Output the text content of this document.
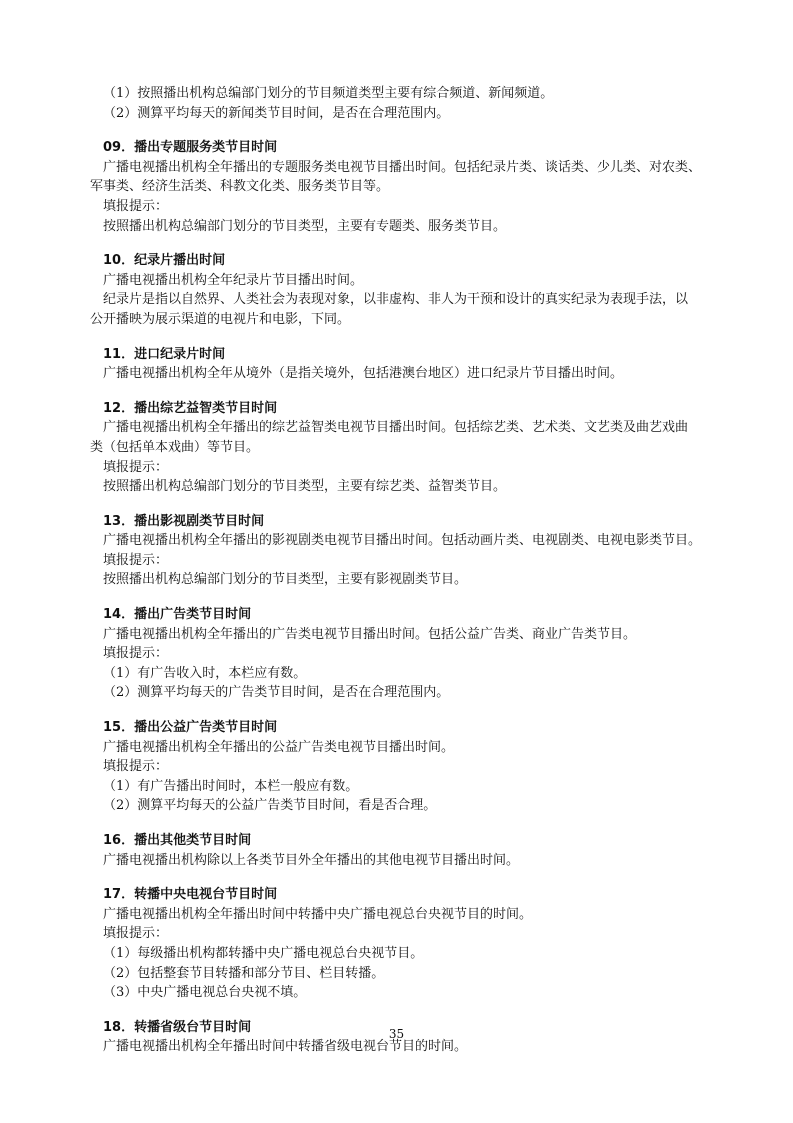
（1）按照播出机构总编部门划分的节目频道类型主要有综合频道、新闻频道。
（2）测算平均每天的新闻类节目时间，是否在合理范围内。
09．播出专题服务类节目时间
广播电视播出机构全年播出的专题服务类电视节目播出时间。包括纪录片类、谈话类、少儿类、对农类、
军事类、经济生活类、科教文化类、服务类节目等。
填报提示：
按照播出机构总编部门划分的节目类型，主要有专题类、服务类节目。
10．纪录片播出时间
广播电视播出机构全年纪录片节目播出时间。
纪录片是指以自然界、人类社会为表现对象，以非虚构、非人为干预和设计的真实纪录为表现手法，以
公开播映为展示渠道的电视片和电影，下同。
11．进口纪录片时间
广播电视播出机构全年从境外（是指关境外，包括港澳台地区）进口纪录片节目播出时间。
12．播出综艺益智类节目时间
广播电视播出机构全年播出的综艺益智类电视节目播出时间。包括综艺类、艺术类、文艺类及曲艺戏曲
类（包括单本戏曲）等节目。
填报提示：
按照播出机构总编部门划分的节目类型，主要有综艺类、益智类节目。
13．播出影视剧类节目时间
广播电视播出机构全年播出的影视剧类电视节目播出时间。包括动画片类、电视剧类、电视电影类节目。
填报提示：
按照播出机构总编部门划分的节目类型，主要有影视剧类节目。
14．播出广告类节目时间
广播电视播出机构全年播出的广告类电视节目播出时间。包括公益广告类、商业广告类节目。
填报提示：
（1）有广告收入时，本栏应有数。
（2）测算平均每天的广告类节目时间，是否在合理范围内。
15．播出公益广告类节目时间
广播电视播出机构全年播出的公益广告类电视节目播出时间。
填报提示：
（1）有广告播出时间时，本栏一般应有数。
（2）测算平均每天的公益广告类节目时间，看是否合理。
16．播出其他类节目时间
广播电视播出机构除以上各类节目外全年播出的其他电视节目播出时间。
17．转播中央电视台节目时间
广播电视播出机构全年播出时间中转播中央广播电视总台央视节目的时间。
填报提示：
（1）每级播出机构都转播中央广播电视总台央视节目。
（2）包括整套节目转播和部分节目、栏目转播。
（3）中央广播电视总台央视不填。
18．转播省级台节目时间
广播电视播出机构全年播出时间中转播省级电视台节目的时间。
35
